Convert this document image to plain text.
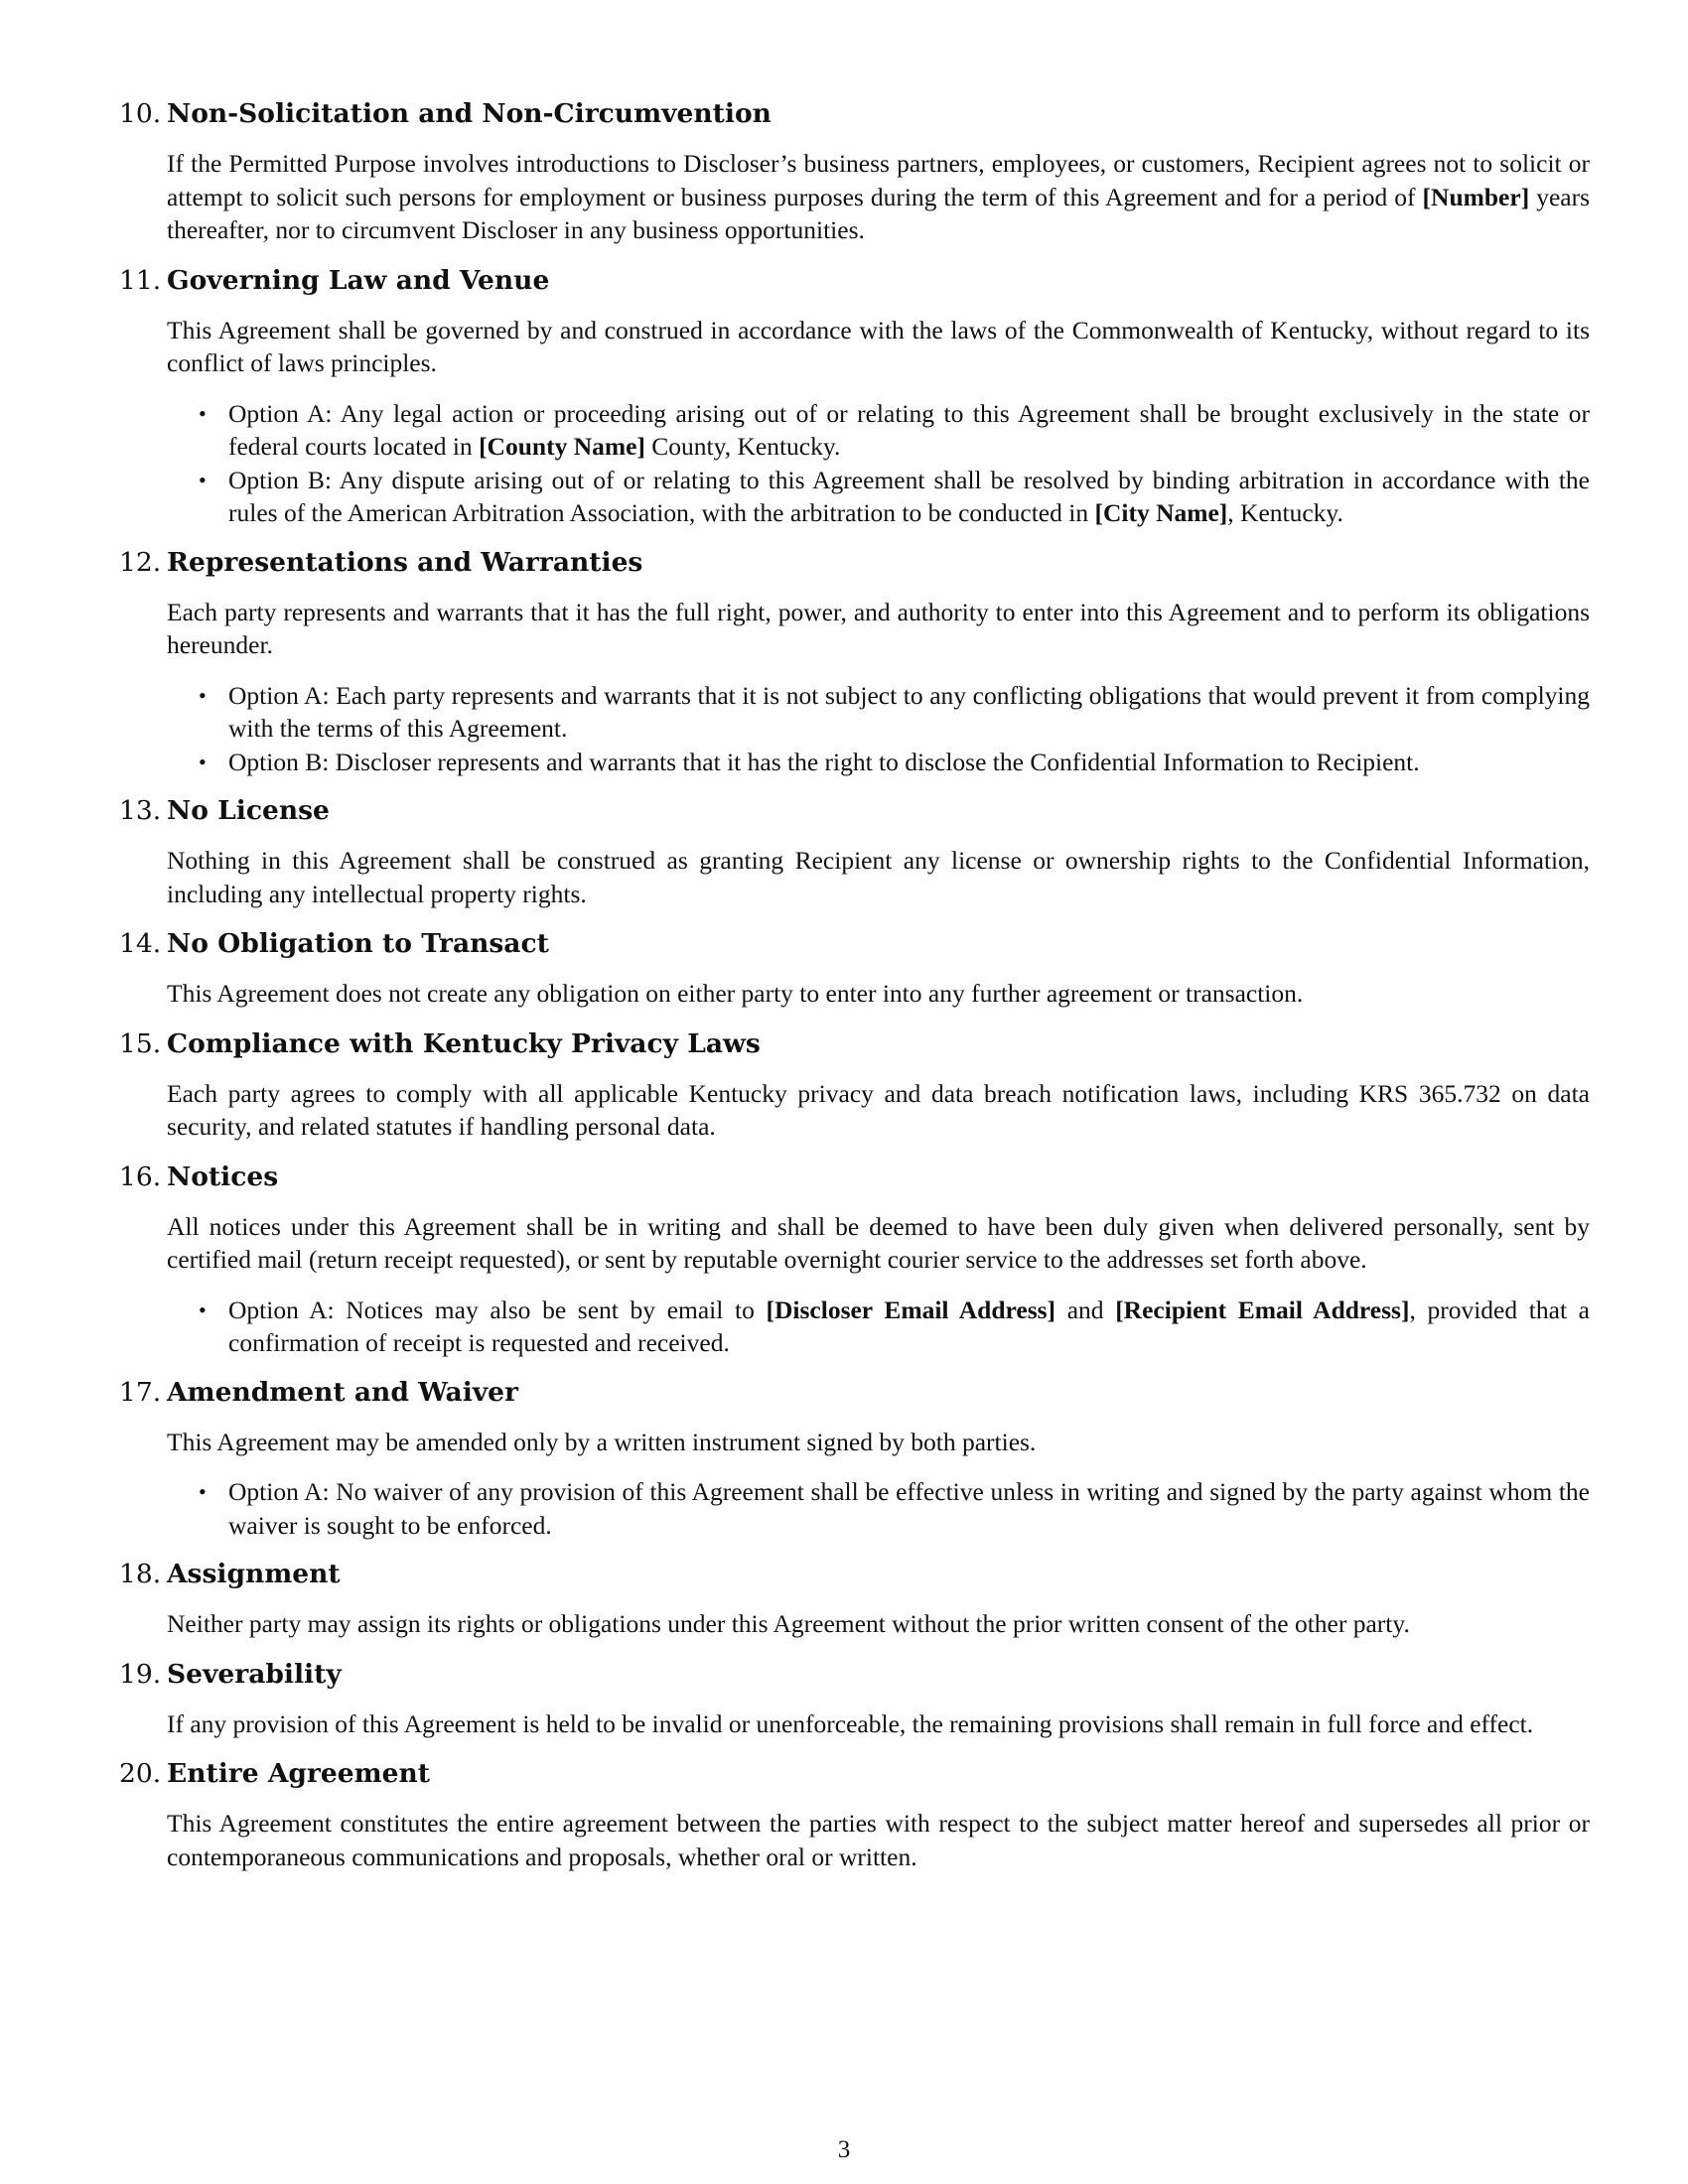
10. Non-Solicitation and Non-Circumvention

If the Permitted Purpose involves introductions to Discloser’s business partners, employees, or customers, Recipient agrees not to solicit or attempt to solicit such persons for employment or business purposes during the term of this Agreement and for a period of [Number] years thereafter, nor to circumvent Discloser in any business opportunities.

11. Governing Law and Venue

This Agreement shall be governed by and construed in accordance with the laws of the Commonwealth of Kentucky, without regard to its conflict of laws principles.

• Option A: Any legal action or proceeding arising out of or relating to this Agreement shall be brought exclusively in the state or federal courts located in [County Name] County, Kentucky.
• Option B: Any dispute arising out of or relating to this Agreement shall be resolved by binding arbitration in accordance with the rules of the American Arbitration Association, with the arbitration to be conducted in [City Name], Kentucky.
12. Representations and Warranties

Each party represents and warrants that it has the full right, power, and authority to enter into this Agreement and to perform its obligations hereunder.

• Option A: Each party represents and warrants that it is not subject to any conflicting obligations that would prevent it from complying with the terms of this Agreement.
• Option B: Discloser represents and warrants that it has the right to disclose the Confidential Information to Recipient.
13. No License

Nothing in this Agreement shall be construed as granting Recipient any license or ownership rights to the Confidential Information, including any intellectual property rights.

14. No Obligation to Transact

This Agreement does not create any obligation on either party to enter into any further agreement or transaction.

15. Compliance with Kentucky Privacy Laws

Each party agrees to comply with all applicable Kentucky privacy and data breach notification laws, including KRS 365.732 on data security, and related statutes if handling personal data.

16. Notices

All notices under this Agreement shall be in writing and shall be deemed to have been duly given when delivered personally, sent by certified mail (return receipt requested), or sent by reputable overnight courier service to the addresses set forth above.

• Option A: Notices may also be sent by email to [Discloser Email Address] and [Recipient Email Address], provided that a confirmation of receipt is requested and received.
17. Amendment and Waiver

This Agreement may be amended only by a written instrument signed by both parties.

• Option A: No waiver of any provision of this Agreement shall be effective unless in writing and signed by the party against whom the waiver is sought to be enforced.
18. Assignment

Neither party may assign its rights or obligations under this Agreement without the prior written consent of the other party.

19. Severability

If any provision of this Agreement is held to be invalid or unenforceable, the remaining provisions shall remain in full force and effect.

20. Entire Agreement

This Agreement constitutes the entire agreement between the parties with respect to the subject matter hereof and supersedes all prior or contemporaneous communications and proposals, whether oral or written.

3
